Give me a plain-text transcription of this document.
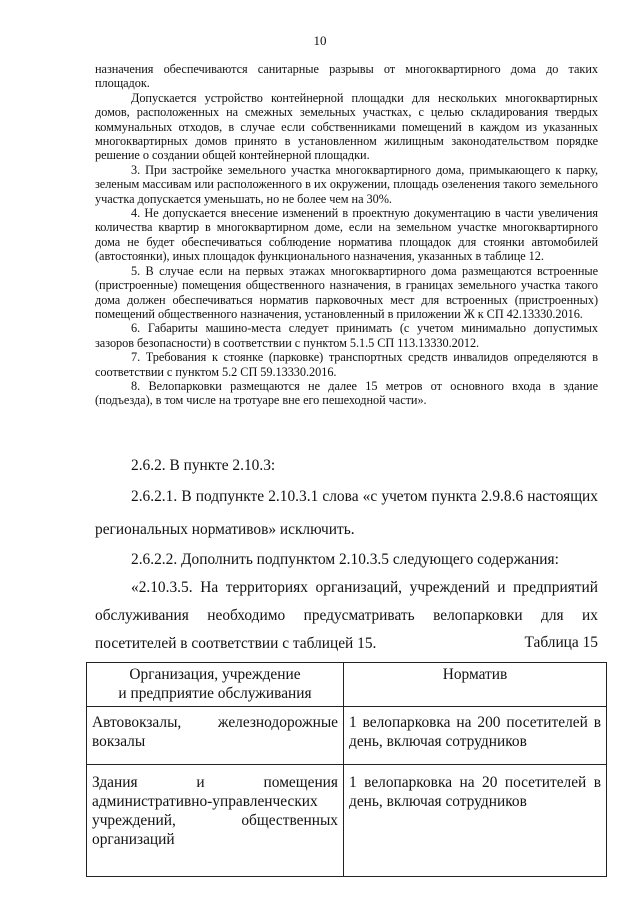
10

назначения обеспечиваются санитарные разрывы от многоквартирного дома до таких площадок.

Допускается устройство контейнерной площадки для нескольких многоквартирных домов, расположенных на смежных земельных участках, с целью складирования твердых коммунальных отходов, в случае если собственниками помещений в каждом из указанных многоквартирных домов принято в установленном жилищным законодательством порядке решение о создании общей контейнерной площадки.

3. При застройке земельного участка многоквартирного дома, примыкающего к парку, зеленым массивам или расположенного в их окружении, площадь озеленения такого земельного участка допускается уменьшать, но не более чем на 30%.

4. Не допускается внесение изменений в проектную документацию в части увеличения количества квартир в многоквартирном доме, если на земельном участке многоквартирного дома не будет обеспечиваться соблюдение норматива площадок для стоянки автомобилей (автостоянки), иных площадок функционального назначения, указанных в таблице 12.

5. В случае если на первых этажах многоквартирного дома размещаются встроенные (пристроенные) помещения общественного назначения, в границах земельного участка такого дома должен обеспечиваться норматив парковочных мест для встроенных (пристроенных) помещений общественного назначения, установленный в приложении Ж к СП 42.13330.2016.

6. Габариты машино-места следует принимать (с учетом минимально допустимых зазоров безопасности) в соответствии с пунктом 5.1.5 СП 113.13330.2012.

7. Требования к стоянке (парковке) транспортных средств инвалидов определяются в соответствии с пунктом 5.2 СП 59.13330.2016.

8. Велопарковки размещаются не далее 15 метров от основного входа в здание (подъезда), в том числе на тротуаре вне его пешеходной части».

2.6.2. В пункте 2.10.3:

2.6.2.1. В подпункте 2.10.3.1 слова «с учетом пункта 2.9.8.6 настоящих региональных нормативов» исключить.

2.6.2.2. Дополнить подпунктом 2.10.3.5 следующего содержания:

«2.10.3.5. На территориях организаций, учреждений и предприятий обслуживания необходимо предусматривать велопарковки для их посетителей в соответствии с таблицей 15.	Таблица 15
Организация, учреждение
и предприятие обслуживания	Норматив
Автовокзалы, железнодорожные вокзалы	1 велопарковка на 200 посетителей в день, включая сотрудников
Здания и помещения административно-управленческих учреждений, общественных организаций	1 велопарковка на 20 посетителей в день, включая сотрудников
